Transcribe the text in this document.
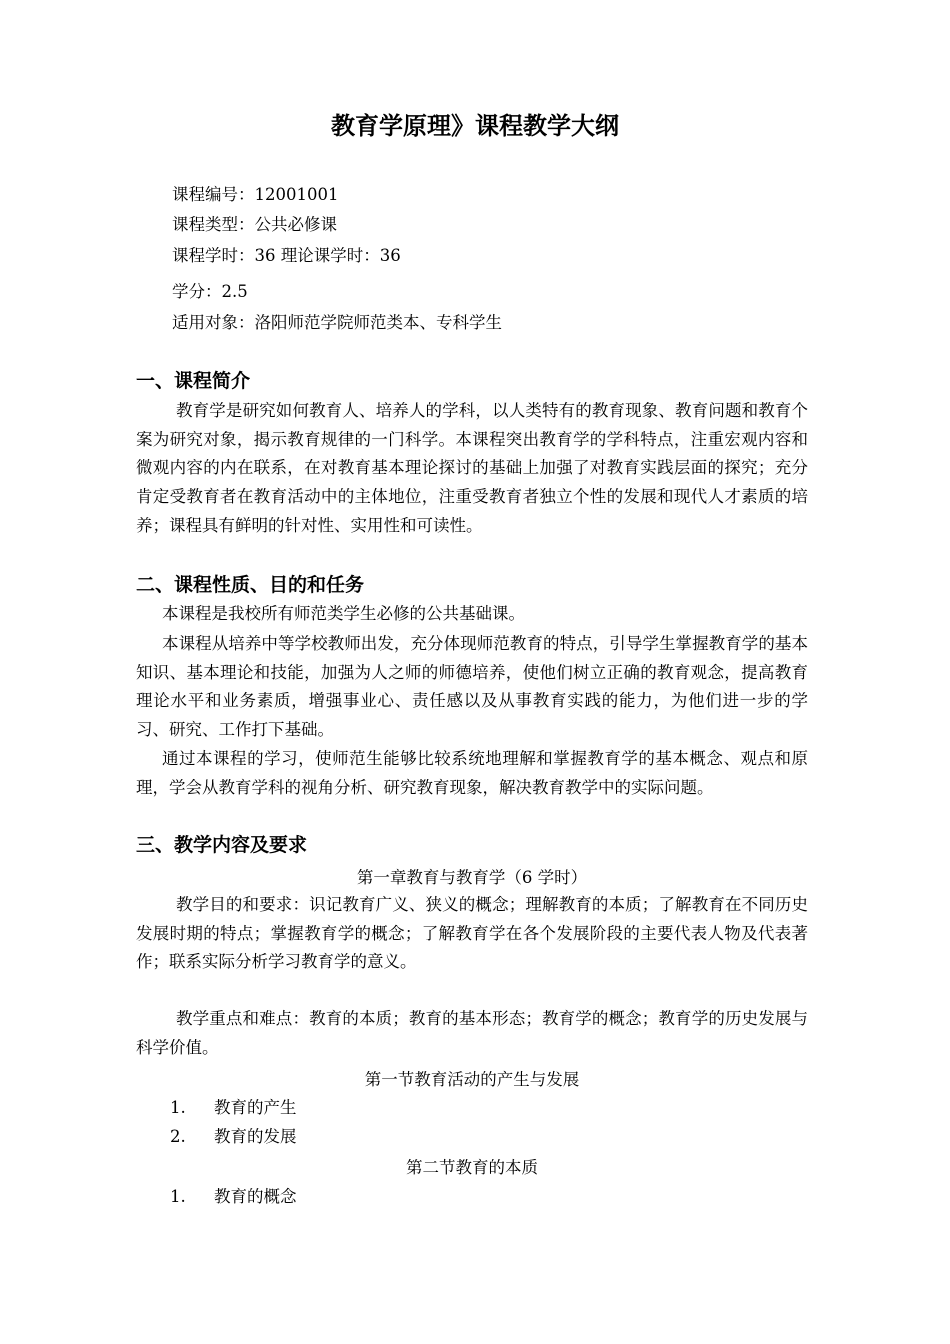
教育学原理》课程教学大纲
课程编号：12001001
课程类型：公共必修课
课程学时：36 理论课学时：36
学分：2.5
适用对象：洛阳师范学院师范类本、专科学生
一、课程简介
教育学是研究如何教育人、培养人的学科，以人类特有的教育现象、教育问题和教育个案为研究对象，揭示教育规律的一门科学。本课程突出教育学的学科特点，注重宏观内容和微观内容的内在联系，在对教育基本理论探讨的基础上加强了对教育实践层面的探究；充分肯定受教育者在教育活动中的主体地位，注重受教育者独立个性的发展和现代人才素质的培养；课程具有鲜明的针对性、实用性和可读性。
二、课程性质、目的和任务
本课程是我校所有师范类学生必修的公共基础课。
本课程从培养中等学校教师出发，充分体现师范教育的特点，引导学生掌握教育学的基本知识、基本理论和技能，加强为人之师的师德培养，使他们树立正确的教育观念，提高教育理论水平和业务素质，增强事业心、责任感以及从事教育实践的能力，为他们进一步的学习、研究、工作打下基础。
通过本课程的学习，使师范生能够比较系统地理解和掌握教育学的基本概念、观点和原理，学会从教育学科的视角分析、研究教育现象，解决教育教学中的实际问题。
三、教学内容及要求
第一章教育与教育学（6 学时）
教学目的和要求：识记教育广义、狭义的概念；理解教育的本质；了解教育在不同历史发展时期的特点；掌握教育学的概念；了解教育学在各个发展阶段的主要代表人物及代表著作；联系实际分析学习教育学的意义。
教学重点和难点：教育的本质；教育的基本形态；教育学的概念；教育学的历史发展与科学价值。
第一节教育活动的产生与发展
1. 教育的产生
2. 教育的发展
第二节教育的本质
1. 教育的概念
